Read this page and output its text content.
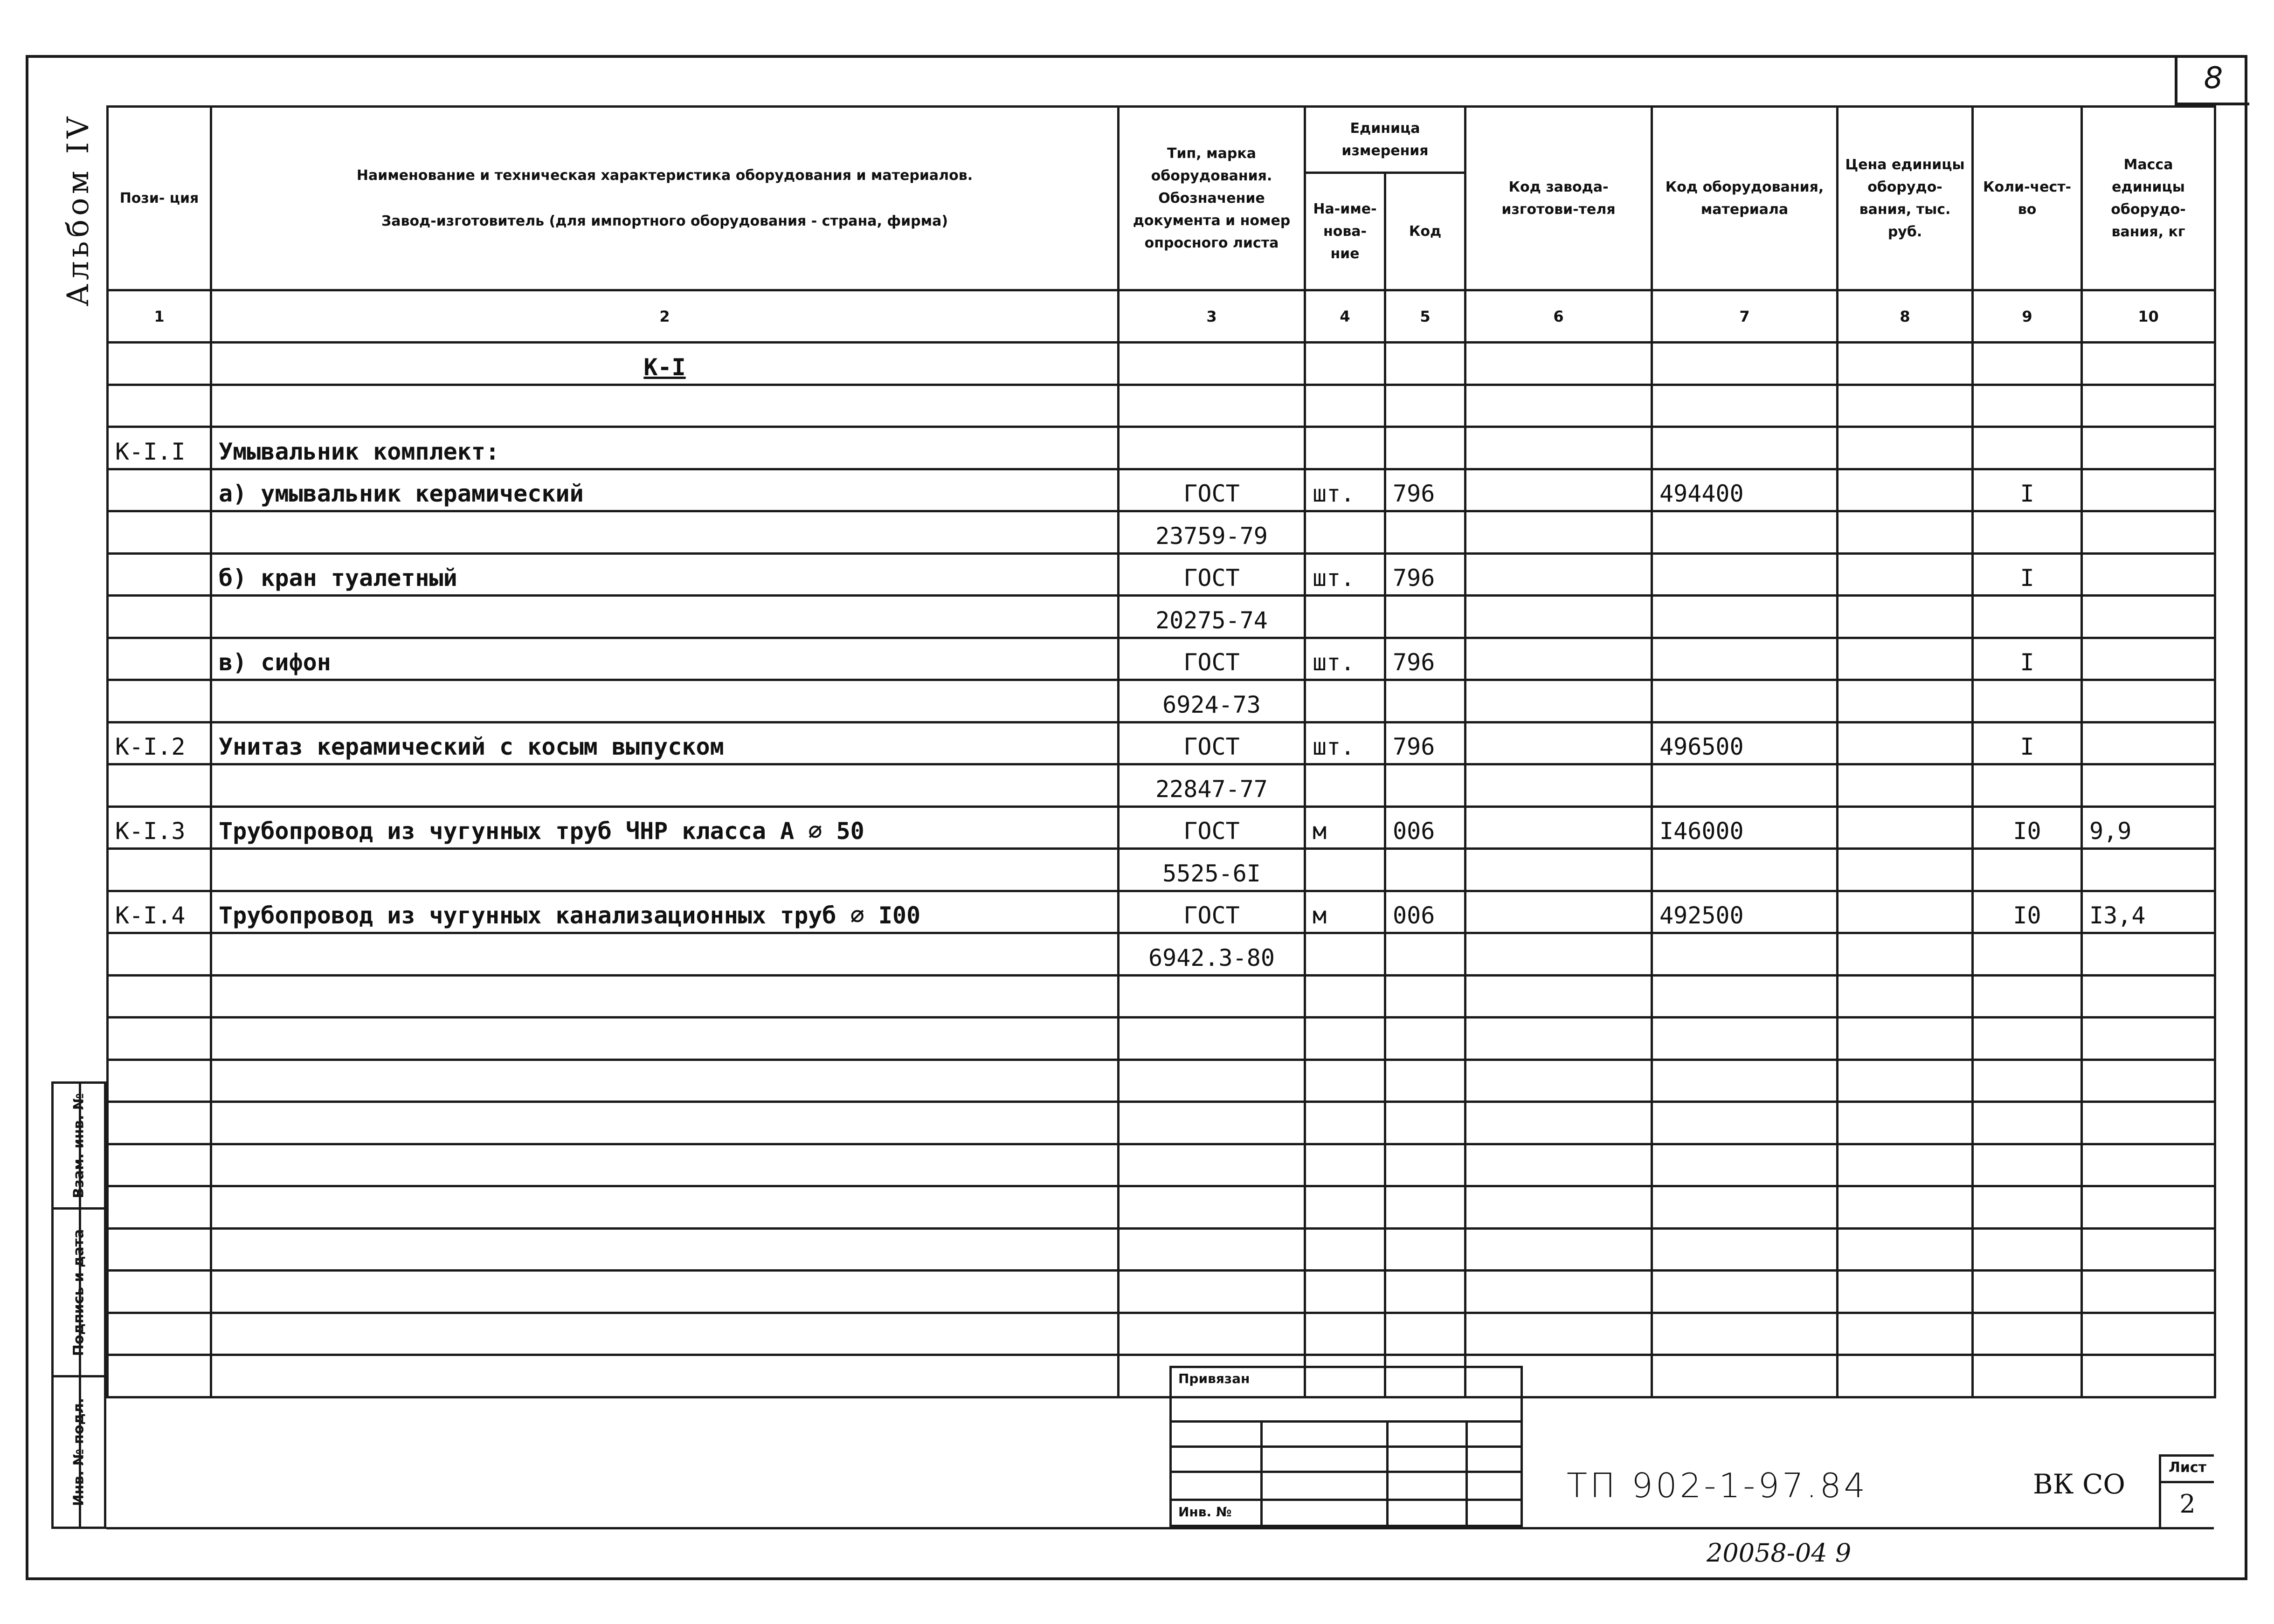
8
Альбом IV Пози- ция	Наименование и техническая характеристика оборудования и материалов.
Завод-изготовитель (для импортного оборудования - страна, фирма)	Тип, марка оборудования. Обозначение документа и номер опросного листа	Единица измерения		Код завода-изготови-теля	Код оборудования, материала	Цена единицы оборудо-вания, тыс. руб.	Коли-чест-во	Масса единицы оборудо-вания, кг
			На-име-нова-ние	Код					
1	2	3	4	5	6	7	8	9	10
	К-I								

К-I.I	Умывальник комплект:								
	а) умывальник керамический	ГОСТ	шт.	796		494400		I	
		23759-79							
	б) кран туалетный	ГОСТ	шт.	796				I	
		20275-74							
	в) сифон	ГОСТ	шт.	796				I	
		6924-73							
К-I.2	Унитаз керамический с косым выпуском	ГОСТ	шт.	796		496500		I	
		22847-77							
К-I.3	Трубопровод из чугунных труб ЧНР класса А ∅ 50	ГОСТ	м	006		I46000		I0	9,9
		5525-6I							
К-I.4	Трубопровод из чугунных канализационных труб ∅ I00	ГОСТ	м	006		492500		I0	I3,4
		6942.3-80							

Взам. инв. №
Подпись и дата
Инв. № подл.
Привязан
Инв. №
ТП 902-1-97.84	ВК СО
Лист
2
20058-04 9
